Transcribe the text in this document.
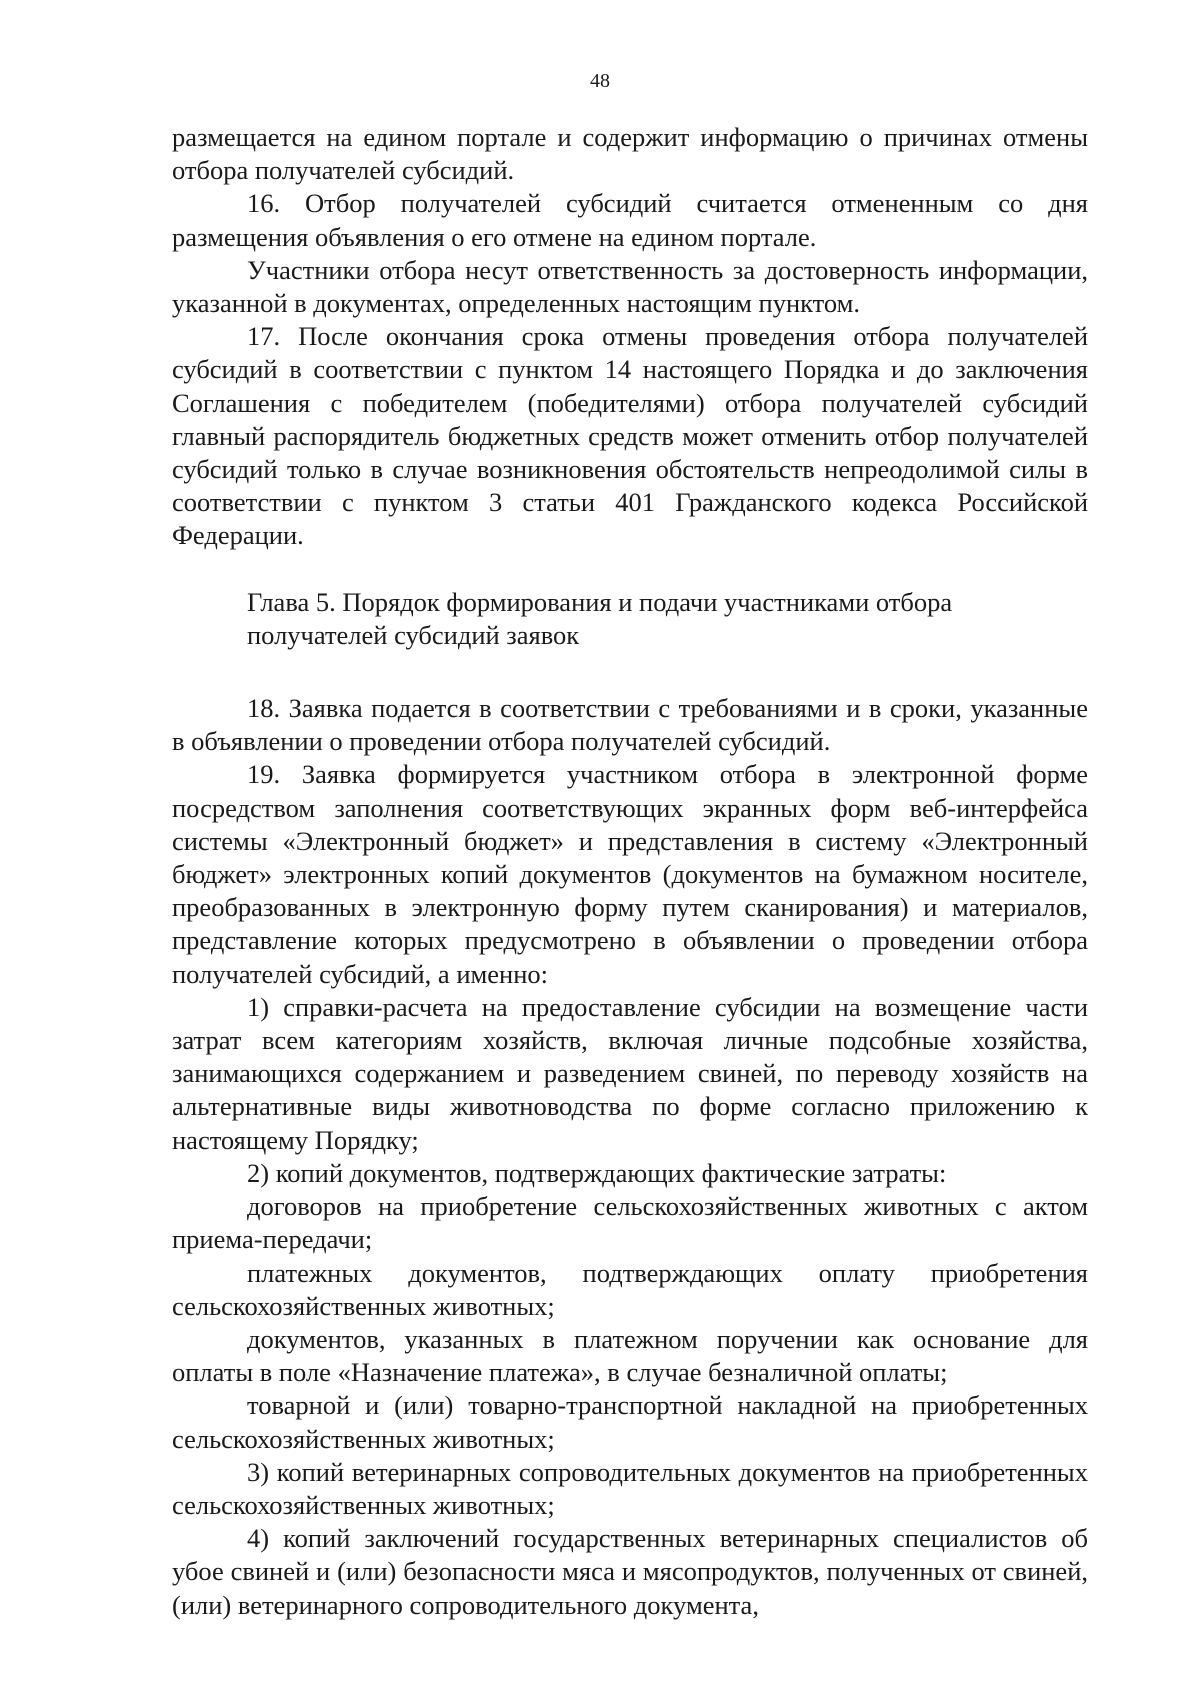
48

размещается на едином портале и содержит информацию о причинах отмены отбора получателей субсидий.

16. Отбор получателей субсидий считается отмененным со дня размещения объявления о его отмене на едином портале.

Участники отбора несут ответственность за достоверность информации, указанной в документах, определенных настоящим пунктом.

17. После окончания срока отмены проведения отбора получателей субсидий в соответствии с пунктом 14 настоящего Порядка и до заключения Соглашения с победителем (победителями) отбора получателей субсидий главный распорядитель бюджетных средств может отменить отбор получателей субсидий только в случае возникновения обстоятельств непреодолимой силы в соответствии с пунктом 3 статьи 401 Гражданского кодекса Российской Федерации.

Глава 5. Порядок формирования и подачи участниками отбора

получателей субсидий заявок

18. Заявка подается в соответствии с требованиями и в сроки, указанные в объявлении о проведении отбора получателей субсидий.

19. Заявка формируется участником отбора в электронной форме посредством заполнения соответствующих экранных форм веб-интерфейса системы «Электронный бюджет» и представления в систему «Электронный бюджет» электронных копий документов (документов на бумажном носителе, преобразованных в электронную форму путем сканирования) и материалов, представление которых предусмотрено в объявлении о проведении отбора получателей субсидий, а именно:

1) справки-расчета на предоставление субсидии на возмещение части затрат всем категориям хозяйств, включая личные подсобные хозяйства, занимающихся содержанием и разведением свиней, по переводу хозяйств на альтернативные виды животноводства по форме согласно приложению к настоящему Порядку;

2) копий документов, подтверждающих фактические затраты:

договоров на приобретение сельскохозяйственных животных с актом приема-передачи;

платежных документов, подтверждающих оплату приобретения сельскохозяйственных животных;

документов, указанных в платежном поручении как основание для оплаты в поле «Назначение платежа», в случае безналичной оплаты;

товарной и (или) товарно-транспортной накладной на приобретенных сельскохозяйственных животных;

3) копий ветеринарных сопроводительных документов на приобретенных сельскохозяйственных животных;

4) копий заключений государственных ветеринарных специалистов об убое свиней и (или) безопасности мяса и мясопродуктов, полученных от свиней, (или) ветеринарного сопроводительного документа,
